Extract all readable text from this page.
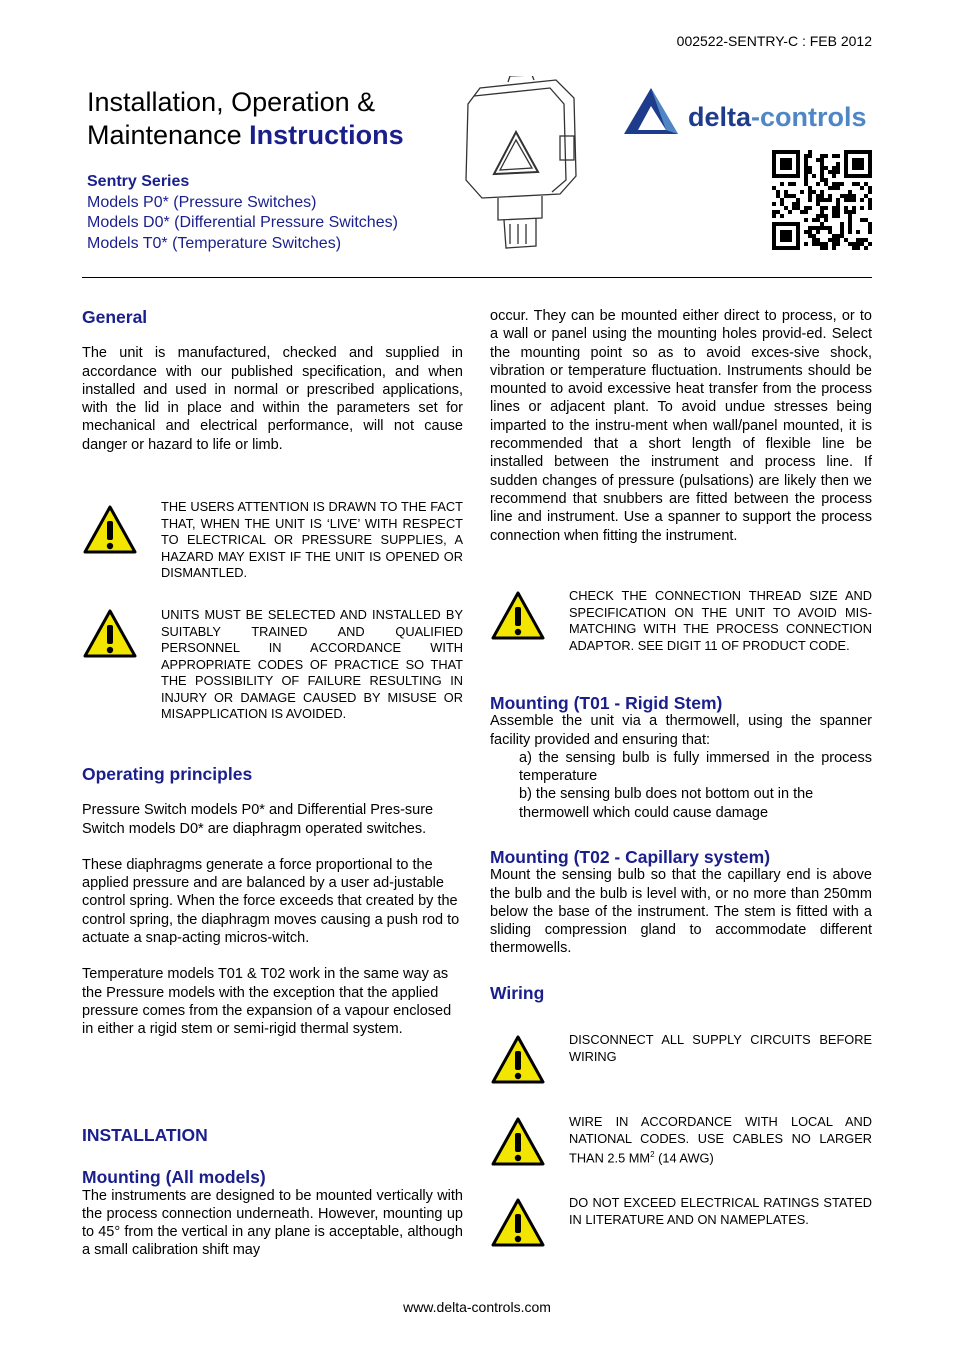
002522-SENTRY-C : FEB 2012
Installation, Operation &
Maintenance Instructions
Sentry Series
Models P0* (Pressure Switches)
Models D0* (Differential Pressure Switches)
Models T0* (Temperature Switches)
delta-controls
General
The unit is manufactured, checked and supplied in accordance with our published specification, and when installed and used in normal or prescribed applications, with the lid in place and within the parameters set for mechanical and electrical performance, will not cause danger or hazard to life or limb.
THE USERS ATTENTION IS DRAWN TO THE FACT THAT, WHEN THE UNIT IS ‘LIVE’ WITH RESPECT TO ELECTRICAL OR PRESSURE SUPPLIES, A HAZARD MAY EXIST IF THE UNIT IS OPENED OR DISMANTLED.
UNITS MUST BE SELECTED AND INSTALLED BY SUITABLY TRAINED AND QUALIFIED PERSONNEL IN ACCORDANCE WITH APPROPRIATE CODES OF PRACTICE SO THAT THE POSSIBILITY OF FAILURE RESULTING IN INJURY OR DAMAGE CAUSED BY MISUSE OR MISAPPLICATION IS AVOIDED.
Operating principles
Pressure Switch models P0* and Differential Pres-sure Switch models D0* are diaphragm operated switches.
These diaphragms generate a force proportional to the applied pressure and are balanced by a user ad-justable control spring. When the force exceeds that created by the control spring, the diaphragm moves causing a push rod to actuate a snap-acting micros-witch.
Temperature models T01 & T02 work in the same way as the Pressure models with the exception that the applied pressure comes from the expansion of a vapour enclosed in either a rigid stem or semi-rigid thermal system.
INSTALLATION
Mounting (All models)
The instruments are designed to be mounted vertically with the process connection underneath. However, mounting up to 45° from the vertical in any plane is acceptable, although a small calibration shift may
occur. They can be mounted either direct to process, or to a wall or panel using the mounting holes provid-ed. Select the mounting point so as to avoid exces-sive shock, vibration or temperature fluctuation. Instruments should be mounted to avoid excessive heat transfer from the process lines or adjacent plant. To avoid undue stresses being imparted to the instru-ment when wall/panel mounted, it is recommended that a short length of flexible line be installed between the instrument and process line. If sudden changes of pressure (pulsations) are likely then we recommend that snubbers are fitted between the process line and instrument. Use a spanner to support the process connection when fitting the instrument.
CHECK THE CONNECTION THREAD SIZE AND SPECIFICATION ON THE UNIT TO AVOID MIS-MATCHING WITH THE PROCESS CONNECTION ADAPTOR. SEE DIGIT 11 OF PRODUCT CODE.
Mounting (T01 - Rigid Stem)
Assemble the unit via a thermowell, using the spanner facility provided and ensuring that:
a) the sensing bulb is fully immersed in the process temperature
b) the sensing bulb does not bottom out in the thermowell which could cause damage
Mounting (T02 - Capillary system)
Mount the sensing bulb so that the capillary end is above the bulb and the bulb is level with, or no more than 250mm below the base of the instrument. The stem is fitted with a sliding compression gland to accommodate different thermowells.
Wiring
DISCONNECT ALL SUPPLY CIRCUITS BEFORE WIRING
WIRE IN ACCORDANCE WITH LOCAL AND NATIONAL CODES. USE CABLES NO LARGER THAN 2.5 $MM^2$ (14 AWG)
DO NOT EXCEED ELECTRICAL RATINGS STATED IN LITERATURE AND ON NAMEPLATES.
www.delta-controls.com
